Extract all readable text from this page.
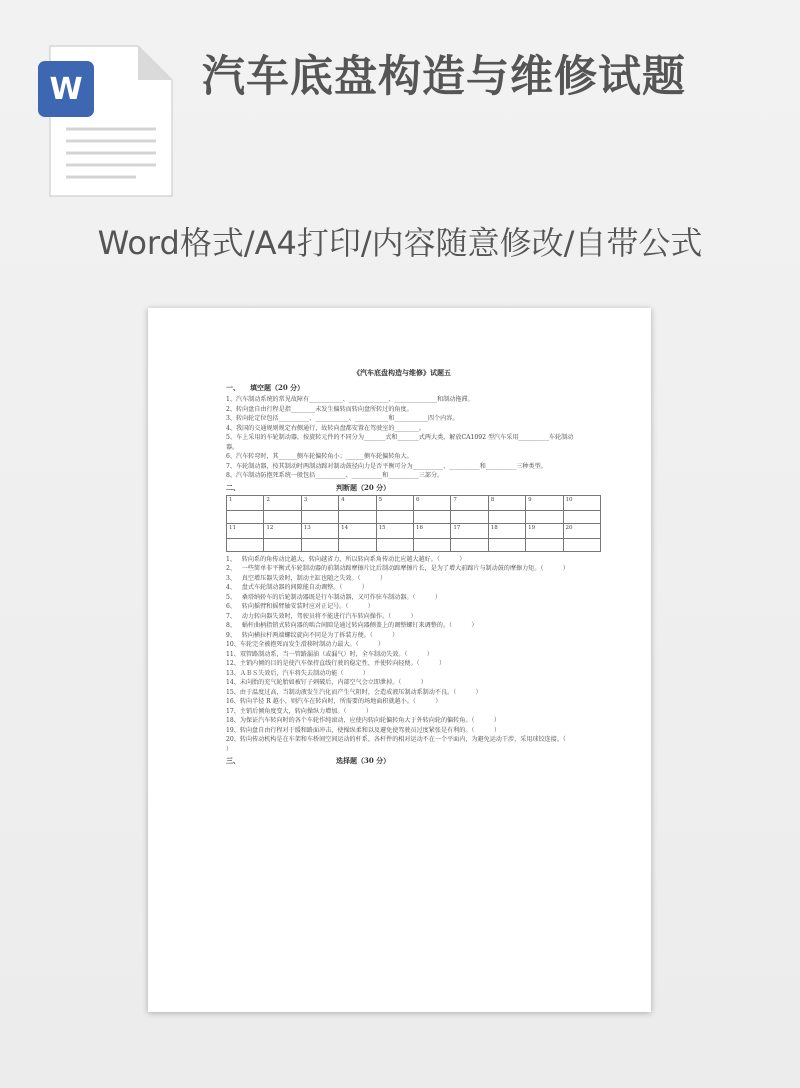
W	汽车底盘构造与维修试题
Word格式/A4打印/内容随意修改/自带公式
《汽车底盘构造与维修》试题五
一、	填空题（20 分）
1、汽车制动系统的常见故障有___________、_____________、______________和制动拖滞。
2、转向盘自由行程是指________未发生偏转而转向盘所转过的角度。
3、转向轮定位包括__________、___________、___________和___________四个内容。
4、我国的交通规则规定右侧通行，故转向盘都安置在驾驶室的________。
5、车上采用的车轮制动器，按旋转元件的不同分为_______式和_______式两大类，解放CA1092 型汽车采用__________车轮制动器。
6、汽车转弯时，其______侧车轮偏转角小；______侧车轮偏转角大。
7、车轮制动器，按其制动时两制动蹄对制动鼓径向力是否平衡可分为__________、__________和__________三种类型。
8、汽车制动防抱死系统一般包括__________、__________和__________三部分。
二、	判断题（20 分）
1	2	3	4	5	6	7	8	9	10

11	12	13	14	15	16	17	18	19	20

1、   转向系的角传动比越大，转向越省力，所以转向系角传动比应越大越好。（          ）
2、   一些简单非平衡式车轮制动器的前制动蹄摩擦片比后制动蹄摩擦片长，是为了增大前蹄片与制动鼓的摩擦力矩。（          ）
3、   真空增压器失效时，制动主缸也随之失效。（          ）
4、   盘式车轮制动器的间隙能自动调整。（          ）
5、   桑塔纳轿车的后轮制动器既是行车制动器，又可作驻车制动器。（          ）
6、   转向摇臂和摇臂轴安装时应对正记号。（          ）
7、   动力转向器失效时，驾驶员将不能进行汽车转向操作。（          ）
8、   蜗杆曲柄指销式转向器的啮合间隙是通过转向器侧盖上的调整螺钉来调整的。（          ）
9、   转向横拉杆两端螺纹旋向不同是为了拆装方便。（          ）
10、车轮完全被抱死而发生滑移时制动力最大。（          ）
11、双管路制动系，当一管路漏油（或漏气）时，全车制动失效。（          ）
12、主销内倾的目的是使汽车保持直线行驶的稳定性，并使转向轻便。（          ）
13、ＡＢＳ失效后，汽车将失去制动功能（          ）
14、未向胎的充气轮胎如被钉子刺破后，内部空气会立即泄掉。（          ）
15、由于温度过高，当制动液发生汽化而产生气阻时，会造成液压制动系制动不良。（          ）
16、转向半径 R 越小，则汽车在转向时，所需要的场地面积就越小。（          ）
17、主销后倾角度变大，转向操纵力增加。（          ）
18、为保证汽车转向时的各个车轮作纯滚动，应使内转向轮偏转角大于外转向轮的偏转角。（          ）
19、转向盘自由行程对于缓和路面冲击，使操纵柔和以及避免使驾驶员过度紧张是有利的。（          ）
20、转向传动机构是在车架和车桥间空间运动的杆系，各杆件的相对运动不在一个平面内，为避免运动干涉，采用球铰连接。（          ）
三、	选择题（30 分）
